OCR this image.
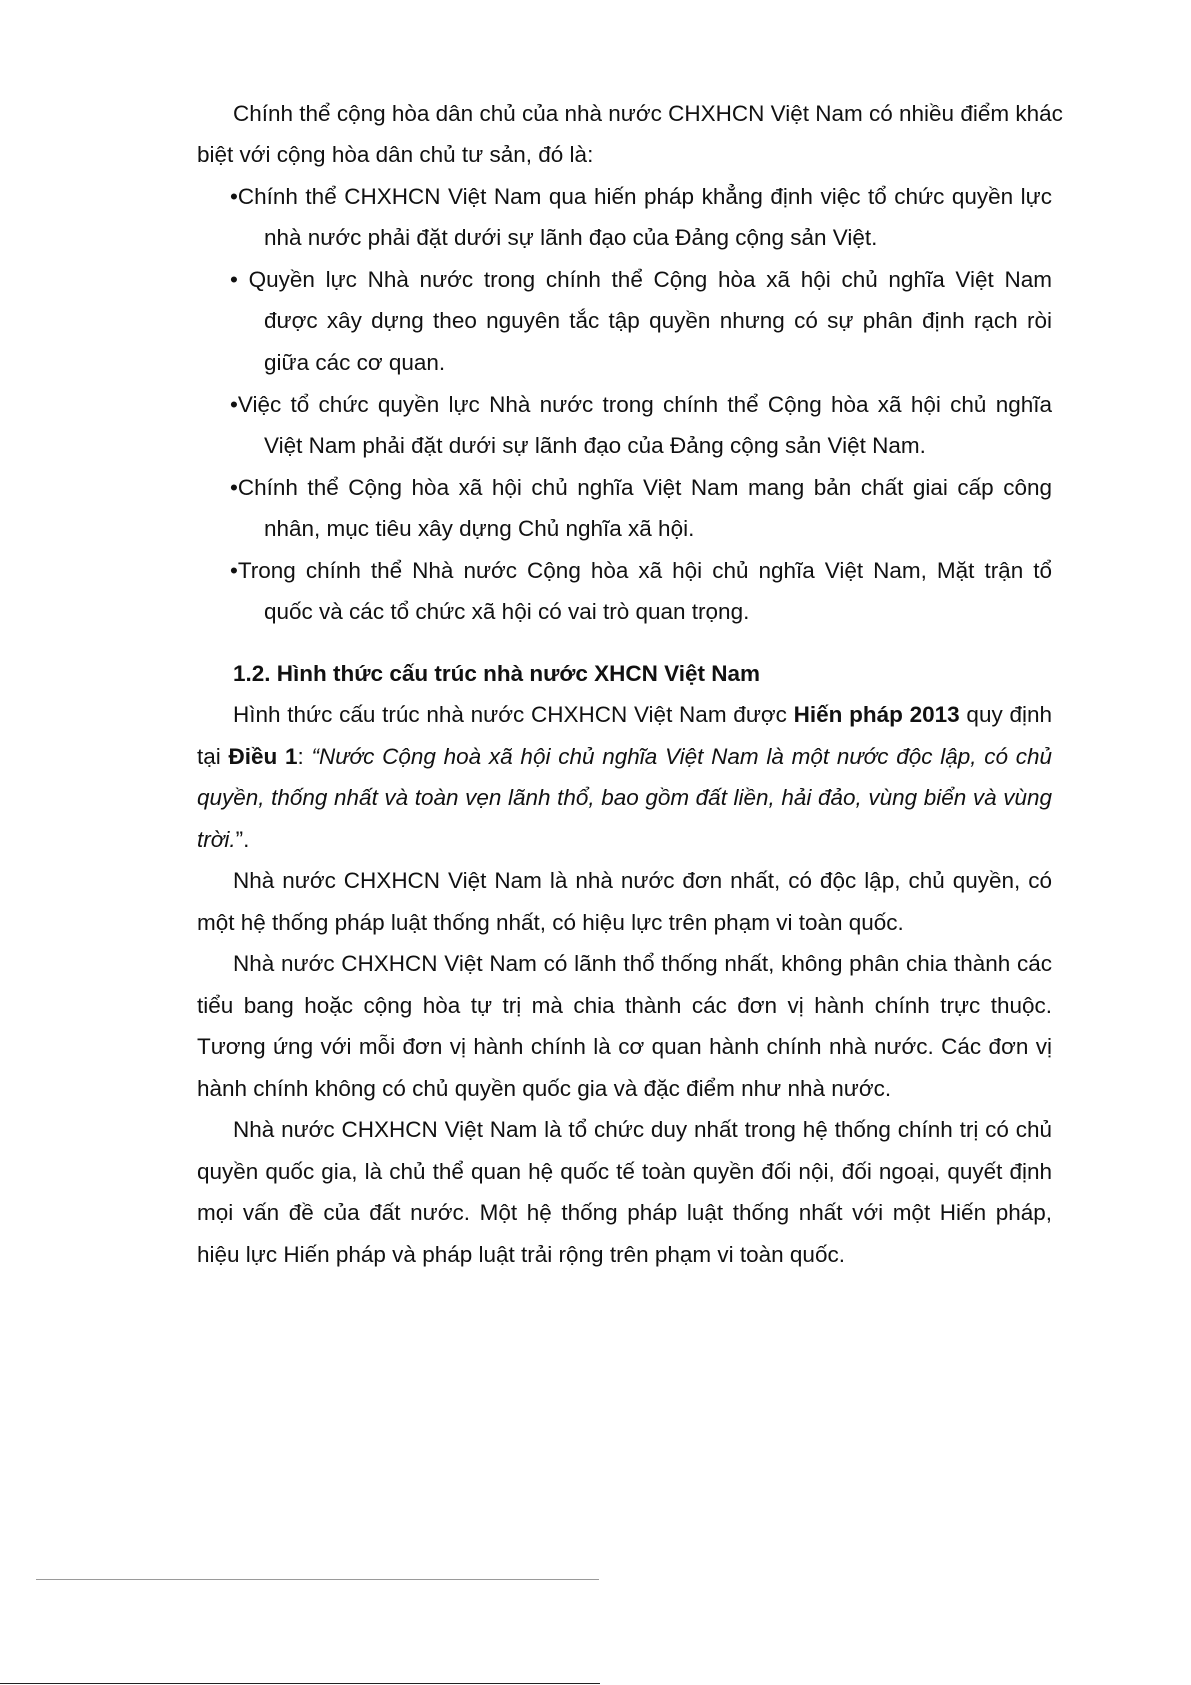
Chính thể cộng hòa dân chủ của nhà nước CHXHCN Việt Nam có nhiều điểm khác
biệt với cộng hòa dân chủ tư sản, đó là:
•Chính thể CHXHCN Việt Nam qua hiến pháp khẳng định việc tổ chức quyền lực
nhà nước phải đặt dưới sự lãnh đạo của Đảng cộng sản Việt.
• Quyền lực Nhà nước trong chính thể Cộng hòa xã hội chủ nghĩa Việt Nam
được xây dựng theo nguyên tắc tập quyền nhưng có sự phân định rạch ròi
giữa các cơ quan.
•Việc tổ chức quyền lực Nhà nước trong chính thể Cộng hòa xã hội chủ nghĩa
Việt Nam phải đặt dưới sự lãnh đạo của Đảng cộng sản Việt Nam.
•Chính thể Cộng hòa xã hội chủ nghĩa Việt Nam mang bản chất giai cấp công
nhân, mục tiêu xây dựng Chủ nghĩa xã hội.
•Trong chính thể Nhà nước Cộng hòa xã hội chủ nghĩa Việt Nam, Mặt trận tổ
quốc và các tổ chức xã hội có vai trò quan trọng.
1.2. Hình thức cấu trúc nhà nước XHCN Việt Nam
Hình thức cấu trúc nhà nước CHXHCN Việt Nam được Hiến pháp 2013 quy định
tại Điều 1: “Nước Cộng hoà xã hội chủ nghĩa Việt Nam là một nước độc lập, có chủ
quyền, thống nhất và toàn vẹn lãnh thổ, bao gồm đất liền, hải đảo, vùng biển và vùng
trời.”.
Nhà nước CHXHCN Việt Nam là nhà nước đơn nhất, có độc lập, chủ quyền, có
một hệ thống pháp luật thống nhất, có hiệu lực trên phạm vi toàn quốc.
Nhà nước CHXHCN Việt Nam có lãnh thổ thống nhất, không phân chia thành các
tiểu bang hoặc cộng hòa tự trị mà chia thành các đơn vị hành chính trực thuộc.
Tương ứng với mỗi đơn vị hành chính là cơ quan hành chính nhà nước. Các đơn vị
hành chính không có chủ quyền quốc gia và đặc điểm như nhà nước.
Nhà nước CHXHCN Việt Nam là tổ chức duy nhất trong hệ thống chính trị có chủ
quyền quốc gia, là chủ thể quan hệ quốc tế toàn quyền đối nội, đối ngoại, quyết định
mọi vấn đề của đất nước. Một hệ thống pháp luật thống nhất với một Hiến pháp,
hiệu lực Hiến pháp và pháp luật trải rộng trên phạm vi toàn quốc.
